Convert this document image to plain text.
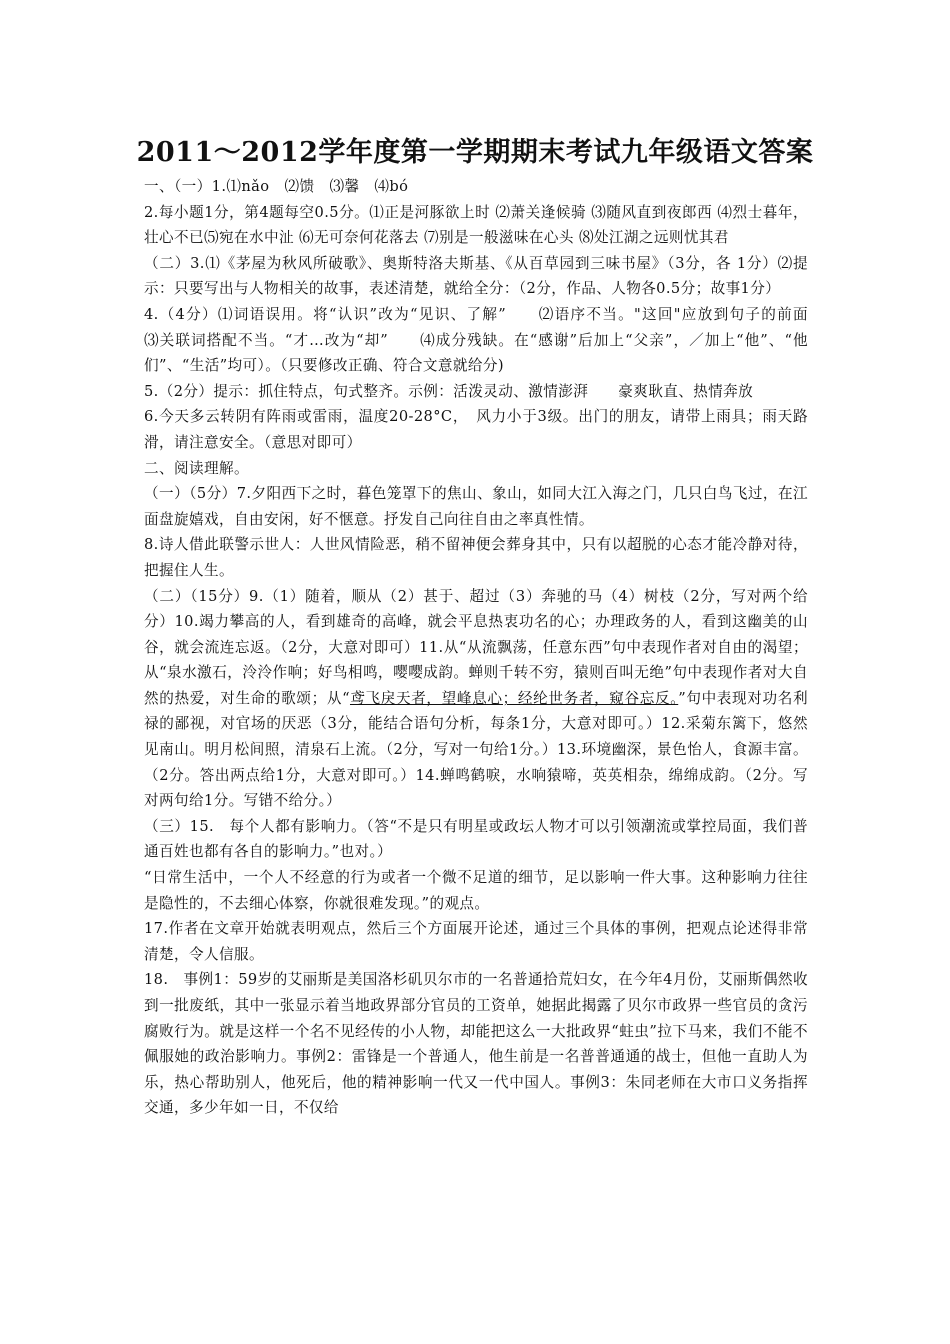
2011～2012学年度第一学期期末考试九年级语文答案

一、（一）1.⑴nǎo　⑵馈　⑶馨　⑷bó

2.每小题1分，第4题每空0.5分。⑴正是河豚欲上时 ⑵萧关逢候骑 ⑶随风直到夜郎西 ⑷烈士暮年，壮心不已⑸宛在水中沚 ⑹无可奈何花落去 ⑺别是一般滋味在心头 ⑻处江湖之远则忧其君

（二）3.⑴《茅屋为秋风所破歌》、奥斯特洛夫斯基、《从百草园到三味书屋》（3分，各 1分）⑵提示：只要写出与人物相关的故事，表述清楚，就给全分：（2分，作品、人物各0.5分；故事1分）

4.（4分）⑴词语误用。将“认识”改为“见识、了解”　　⑵语序不当。"这回"应放到句子的前面　　⑶关联词搭配不当。“才…改为“却”　　⑷成分残缺。在“感谢”后加上“父亲”，／加上“他”、“他们”、“生活”均可）。（只要修改正确、符合文意就给分)

5.（2分）提示：抓住特点，句式整齐。示例：活泼灵动、激情澎湃　　豪爽耿直、热情奔放

6.今天多云转阴有阵雨或雷雨，温度20-28°C，　风力小于3级。出门的朋友，请带上雨具；雨天路滑，请注意安全。（意思对即可）

二、阅读理解。

（一）（5分）7.夕阳西下之时，暮色笼罩下的焦山、象山，如同大江入海之门，几只白鸟飞过，在江面盘旋嬉戏，自由安闲，好不惬意。抒发自己向往自由之率真性情。

8.诗人借此联警示世人：人世风情险恶，稍不留神便会葬身其中，只有以超脱的心态才能冷静对待，把握住人生。

（二）（15分）9.（1）随着，顺从（2）甚于、超过（3）奔驰的马（4）树枝（2分，写对两个给分）10.竭力攀高的人，看到雄奇的高峰，就会平息热衷功名的心；办理政务的人，看到这幽美的山谷，就会流连忘返。（2分，大意对即可）11.从“从流飘荡，任意东西”句中表现作者对自由的渴望；从“泉水激石，泠泠作响；好鸟相鸣，嘤嘤成韵。蝉则千转不穷，猿则百叫无绝”句中表现作者对大自然的热爱，对生命的歌颂；从“鸢飞戾天者，望峰息心；经纶世务者，窥谷忘反。”句中表现对功名利禄的鄙视，对官场的厌恶（3分，能结合语句分析，每条1分，大意对即可。）12.采菊东篱下，悠然见南山。明月松间照，清泉石上流。（2分，写对一句给1分。）13.环境幽深，景色怡人，食源丰富。（2分。答出两点给1分，大意对即可。）14.蝉鸣鹤唳，水响猿啼，英英相杂，绵绵成韵。（2分。写对两句给1分。写错不给分。）

（三）15.　每个人都有影响力。（答“不是只有明星或政坛人物才可以引领潮流或掌控局面，我们普通百姓也都有各自的影响力。”也对。）

“日常生活中，一个人不经意的行为或者一个微不足道的细节，足以影响一件大事。这种影响力往往是隐性的，不去细心体察，你就很难发现。”的观点。

17.作者在文章开始就表明观点，然后三个方面展开论述，通过三个具体的事例，把观点论述得非常清楚，令人信服。

18.　事例1：59岁的艾丽斯是美国洛杉矶贝尔市的一名普通拾荒妇女，在今年4月份，艾丽斯偶然收到一批废纸，其中一张显示着当地政界部分官员的工资单，她据此揭露了贝尔市政界一些官员的贪污腐败行为。就是这样一个名不见经传的小人物，却能把这么一大批政界“蛀虫”拉下马来，我们不能不佩服她的政治影响力。事例2：雷锋是一个普通人，他生前是一名普普通通的战士，但他一直助人为乐，热心帮助别人，他死后，他的精神影响一代又一代中国人。事例3：朱同老师在大市口义务指挥交通，多少年如一日，不仅给
